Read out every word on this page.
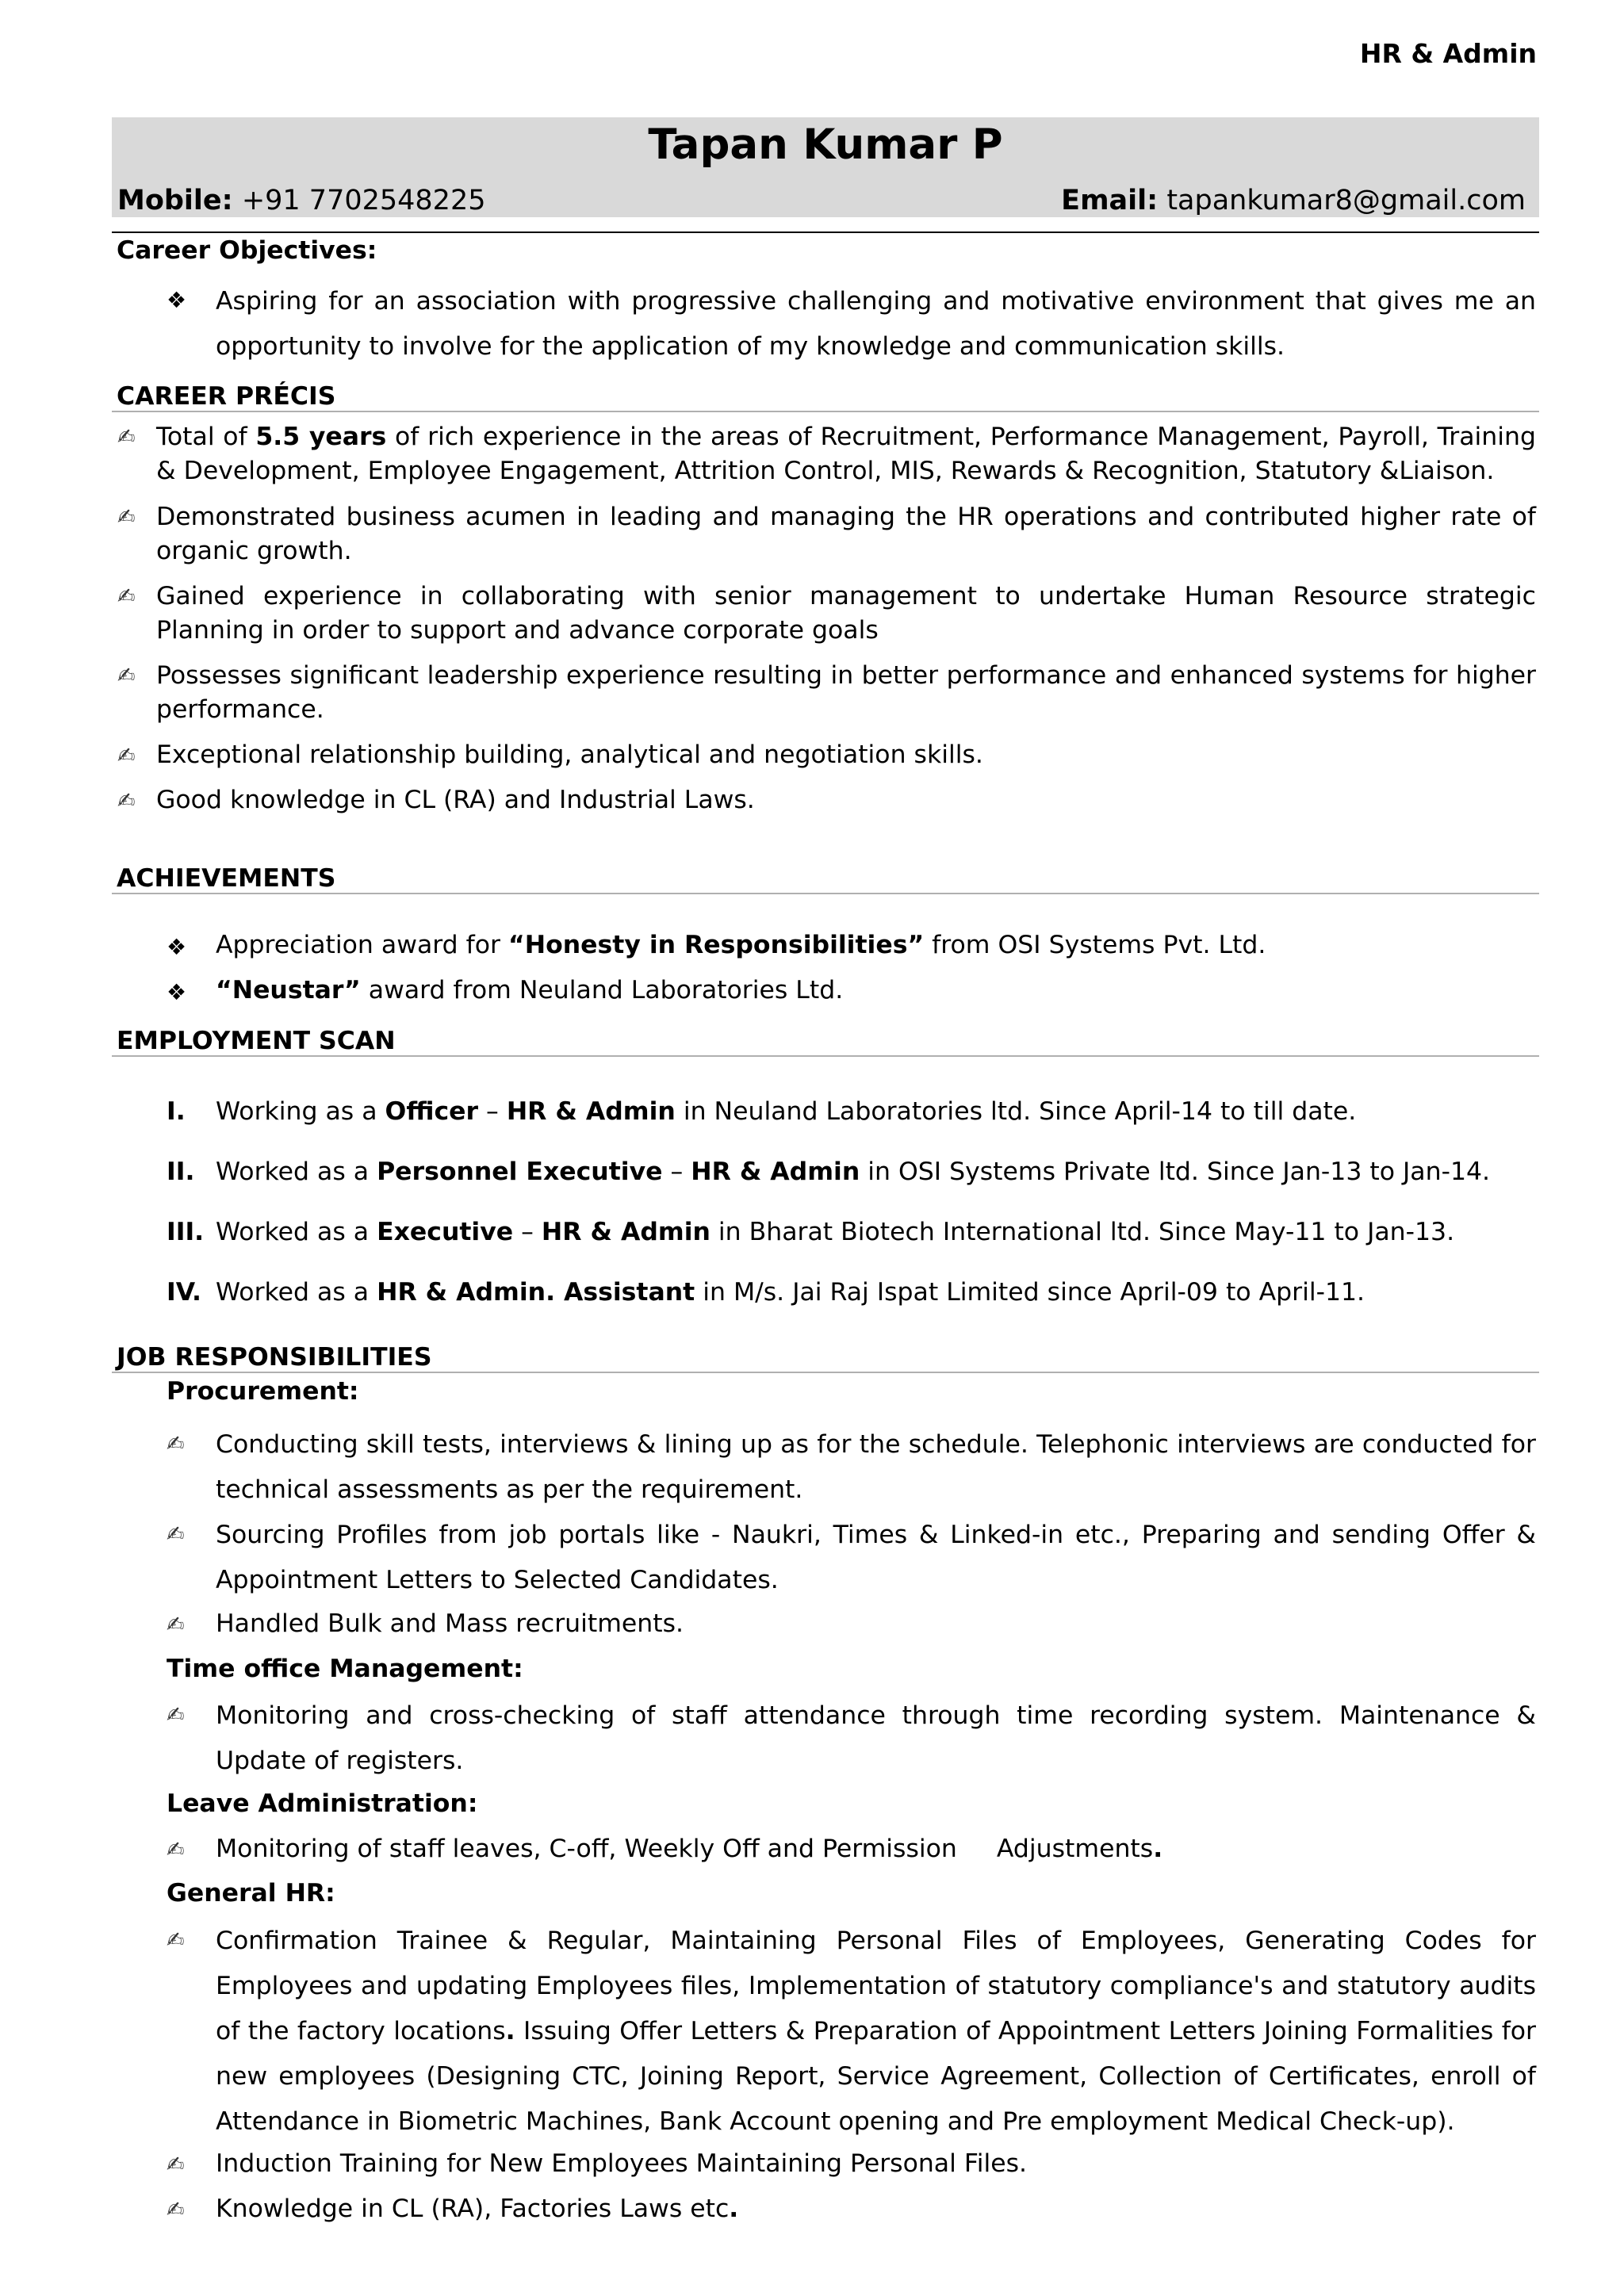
HR & Admin
Tapan Kumar P
Mobile: +91 7702548225	Email: tapankumar8@gmail.com
Career Objectives:
❖ Aspiring for an association with progressive challenging and motivative environment that gives me an opportunity to involve for the application of my knowledge and communication skills.
CAREER PRÉCIS
✍ Total of 5.5 years of rich experience in the areas of Recruitment, Performance Management, Payroll, Training & Development, Employee Engagement, Attrition Control, MIS, Rewards & Recognition, Statutory &Liaison.
✍ Demonstrated business acumen in leading and managing the HR operations and contributed higher rate of organic growth.
✍ Gained experience in collaborating with senior management to undertake Human Resource strategic Planning in order to support and advance corporate goals
✍ Possesses significant leadership experience resulting in better performance and enhanced systems for higher performance.
✍ Exceptional relationship building, analytical and negotiation skills.
✍ Good knowledge in CL (RA) and Industrial Laws.
ACHIEVEMENTS
❖ Appreciation award for “Honesty in Responsibilities” from OSI Systems Pvt. Ltd.
❖ “Neustar” award from Neuland Laboratories Ltd.
EMPLOYMENT SCAN
I. Working as a Officer – HR & Admin in Neuland Laboratories ltd. Since April-14 to till date.
II. Worked as a Personnel Executive – HR & Admin in OSI Systems Private ltd. Since Jan-13 to Jan-14.
III. Worked as a Executive – HR & Admin in Bharat Biotech International ltd. Since May-11 to Jan-13.
IV. Worked as a HR & Admin. Assistant in M/s. Jai Raj Ispat Limited since April-09 to April-11.
JOB RESPONSIBILITIES
Procurement:
✍ Conducting skill tests, interviews & lining up as for the schedule. Telephonic interviews are conducted for technical assessments as per the requirement.
✍ Sourcing Profiles from job portals like - Naukri, Times & Linked-in etc., Preparing and sending Offer & Appointment Letters to Selected Candidates.
✍ Handled Bulk and Mass recruitments.
Time office Management:
✍ Monitoring and cross-checking of staff attendance through time recording system. Maintenance & Update of registers.
Leave Administration:
✍ Monitoring of staff leaves, C-off, Weekly Off and Permission     Adjustments.
General HR:
✍ Confirmation Trainee & Regular, Maintaining Personal Files of Employees, Generating Codes for Employees and updating Employees files, Implementation of statutory compliance's and statutory audits of the factory locations. Issuing Offer Letters & Preparation of Appointment Letters Joining Formalities for new employees (Designing CTC, Joining Report, Service Agreement, Collection of Certificates, enroll of Attendance in Biometric Machines, Bank Account opening and Pre employment Medical Check-up).
✍ Induction Training for New Employees Maintaining Personal Files.
✍ Knowledge in CL (RA), Factories Laws etc.
